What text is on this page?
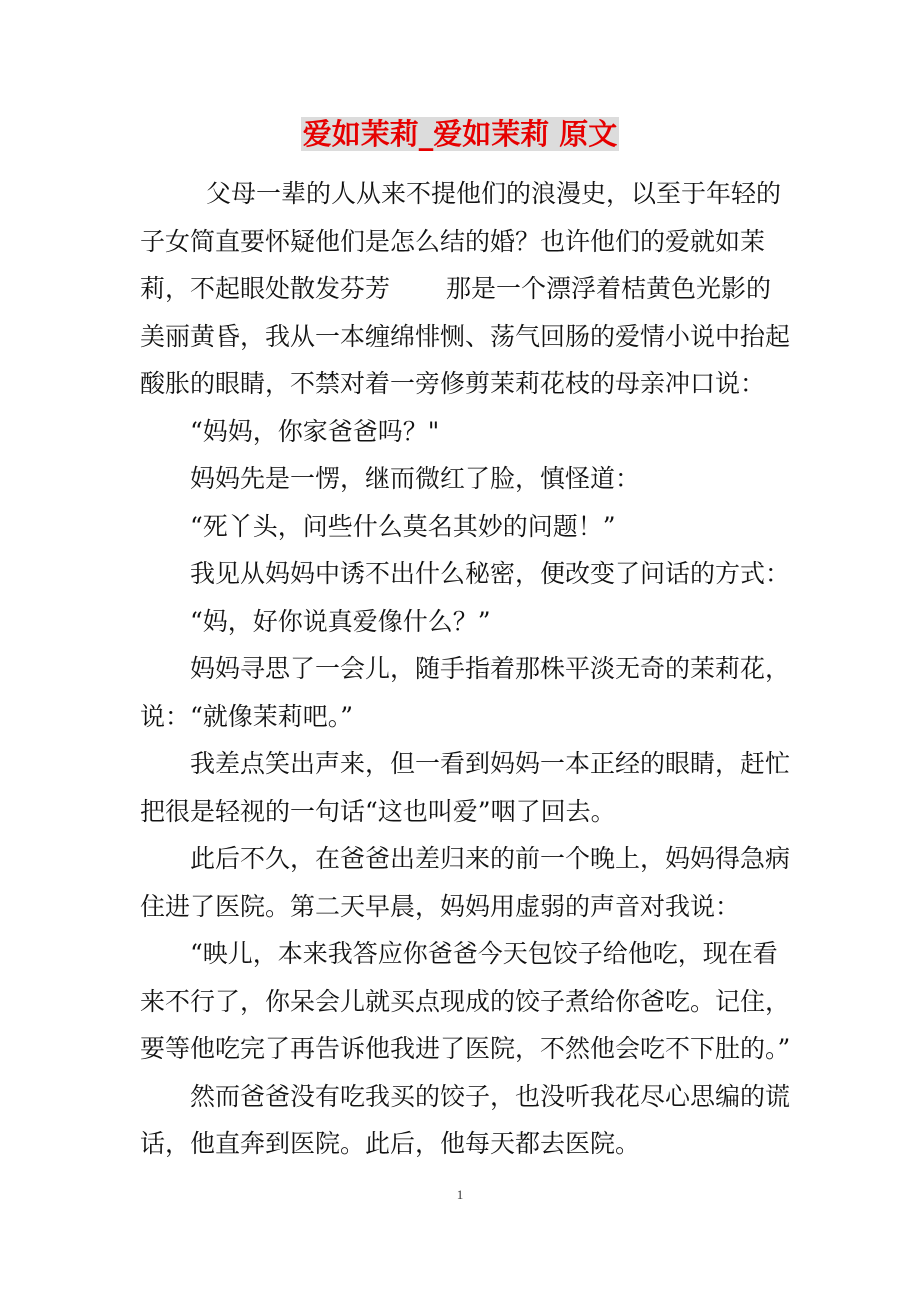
爱如茉莉_爱如茉莉 原文

父母一辈的人从来不提他们的浪漫史，以至于年轻的

子女简直要怀疑他们是怎么结的婚？也许他们的爱就如茉

莉，不起眼处散发芬芳 那是一个漂浮着桔黄色光影的

美丽黄昏，我从一本缠绵悱恻、荡气回肠的爱情小说中抬起

酸胀的眼睛，不禁对着一旁修剪茉莉花枝的母亲冲口说：

“妈妈，你家爸爸吗？"

妈妈先是一愣，继而微红了脸，慎怪道：

“死丫头，问些什么莫名其妙的问题！”

我见从妈妈中诱不出什么秘密，便改变了问话的方式：

“妈，好你说真爱像什么？”

妈妈寻思了一会儿，随手指着那株平淡无奇的茉莉花，

说：“就像茉莉吧。”

我差点笑出声来，但一看到妈妈一本正经的眼睛，赶忙

把很是轻视的一句话“这也叫爱”咽了回去。

此后不久，在爸爸出差归来的前一个晚上，妈妈得急病

住进了医院。第二天早晨，妈妈用虚弱的声音对我说：

“映儿，本来我答应你爸爸今天包饺子给他吃，现在看

来不行了，你呆会儿就买点现成的饺子煮给你爸吃。记住，

要等他吃完了再告诉他我进了医院，不然他会吃不下肚的。”

然而爸爸没有吃我买的饺子，也没听我花尽心思编的谎

话，他直奔到医院。此后，他每天都去医院。

1
